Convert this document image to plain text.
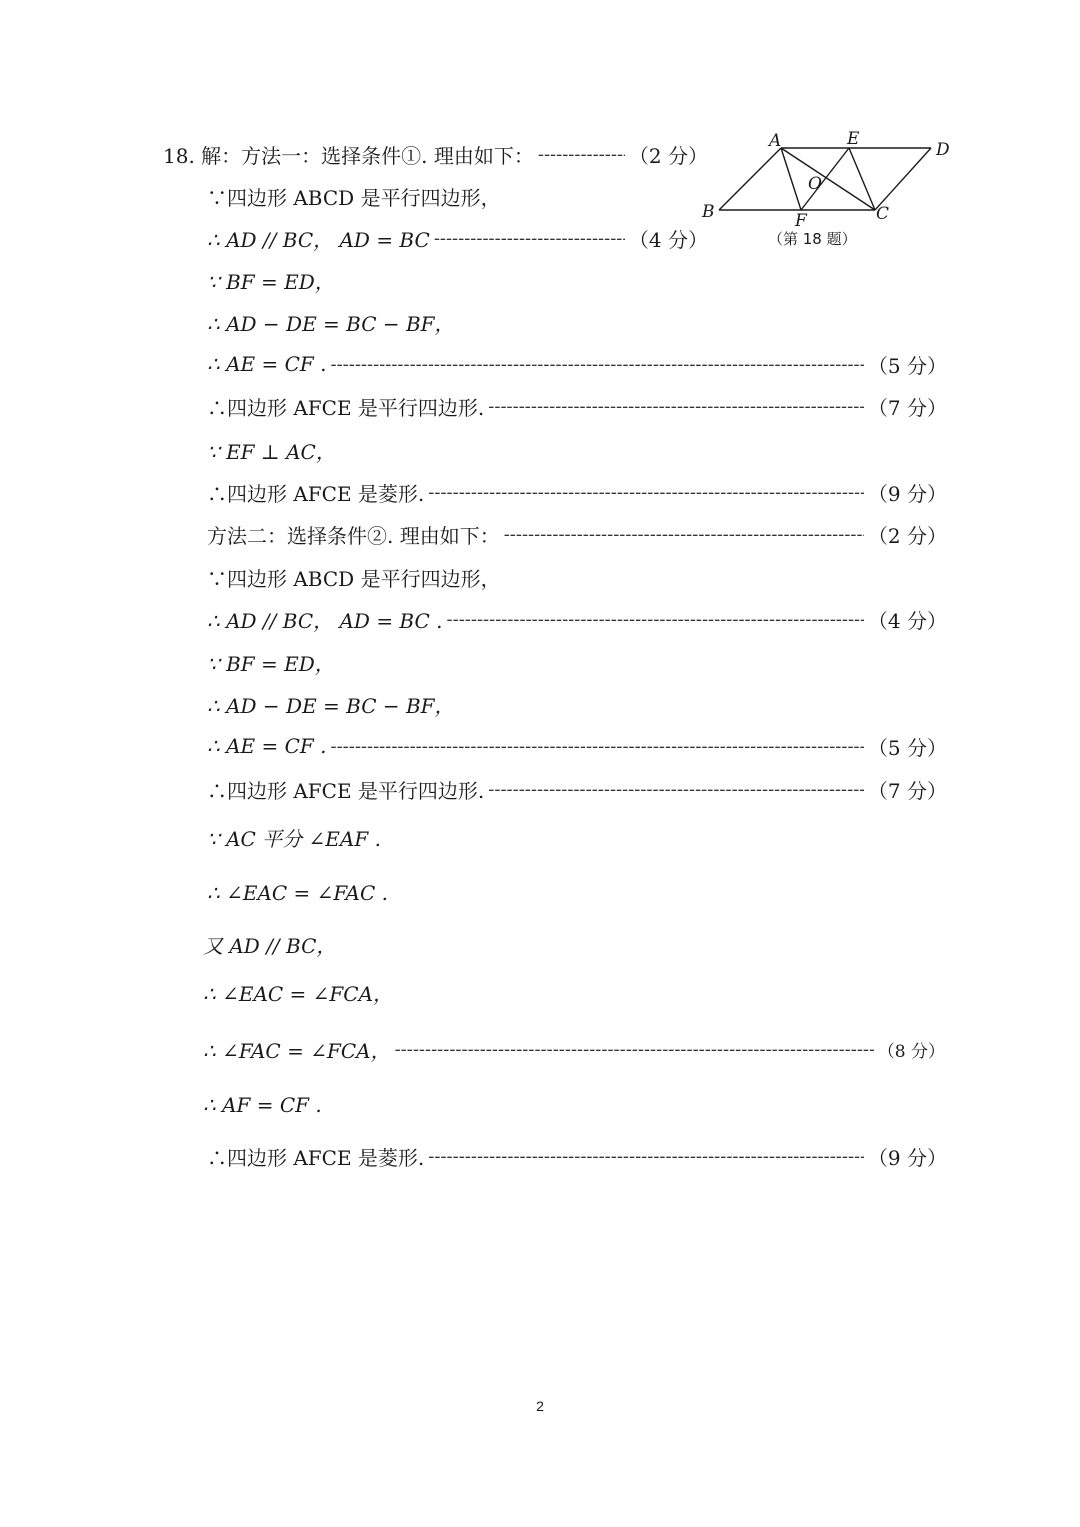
18. 解：方法一：选择条件①. 理由如下： -----	（2 分）
∵四边形 ABCD 是平行四边形，
∴ AD // BC， AD = BC -----	（4 分）
∵ BF = ED，
∴ AD − DE = BC − BF，
∴ AE = CF . -----	（5 分）
∴四边形 AFCE 是平行四边形. -----	（7 分）
∵ EF ⊥ AC，
∴四边形 AFCE 是菱形. -----	（9 分）
方法二：选择条件②. 理由如下： -----	（2 分）
∵四边形 ABCD 是平行四边形，
∴ AD // BC， AD = BC . -----	（4 分）
∵ BF = ED，
∴ AD − DE = BC − BF，
∴ AE = CF . -----	（5 分）
∴四边形 AFCE 是平行四边形. -----	（7 分）
∵ AC 平分 ∠EAF .
∴ ∠EAC = ∠FAC .
又 AD // BC，
∴ ∠EAC = ∠FCA，
∴ ∠FAC = ∠FCA， -----	（8 分）
∴ AF = CF .
∴四边形 AFCE 是菱形. -----	（9 分）
A	E
D
B	F	C
O
（第 18 题）
2
